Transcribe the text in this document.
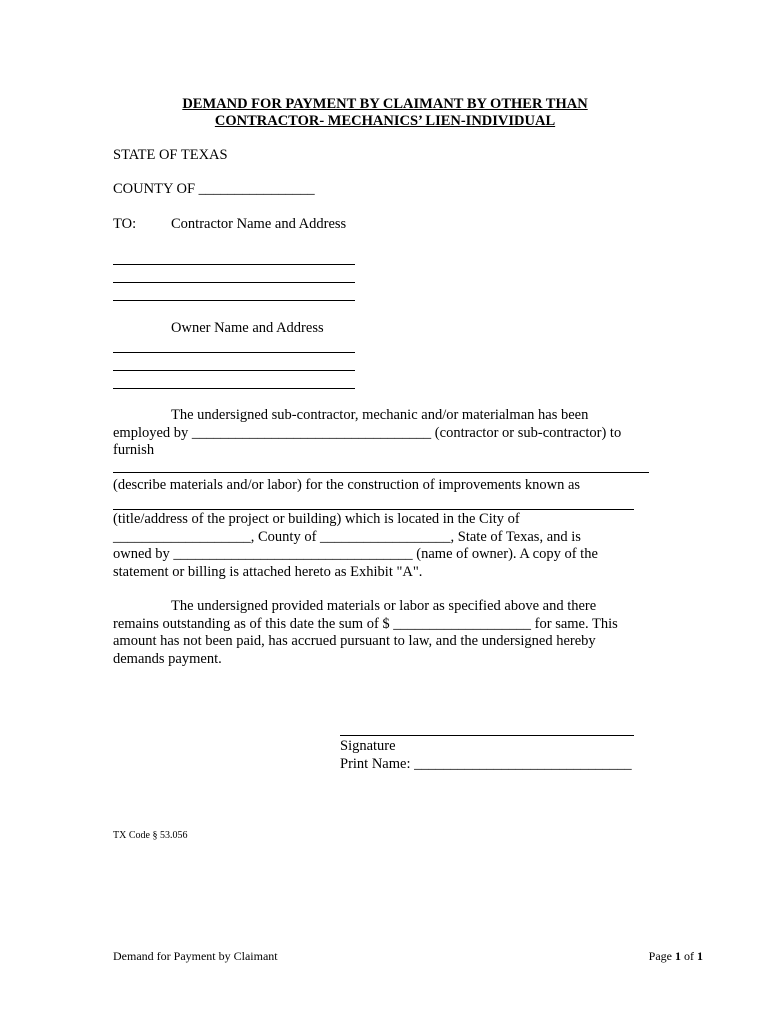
DEMAND FOR PAYMENT BY CLAIMANT BY OTHER THAN
CONTRACTOR- MECHANICS’ LIEN-INDIVIDUAL
STATE OF TEXAS
COUNTY OF ________________
TO: Contractor Name and Address
Owner Name and Address
The undersigned sub-contractor, mechanic and/or materialman has been
employed by _________________________________ (contractor or sub-contractor) to
furnish
(describe materials and/or labor) for the construction of improvements known as
(title/address of the project or building) which is located in the City of
___________________, County of __________________, State of Texas, and is
owned by _________________________________ (name of owner). A copy of the
statement or billing is attached hereto as Exhibit "A".
The undersigned provided materials or labor as specified above and there
remains outstanding as of this date the sum of $ ___________________ for same. This
amount has not been paid, has accrued pursuant to law, and the undersigned hereby
demands payment.
Signature
Print Name: ______________________________
TX Code § 53.056
Demand for Payment by Claimant	Page 1 of 1
